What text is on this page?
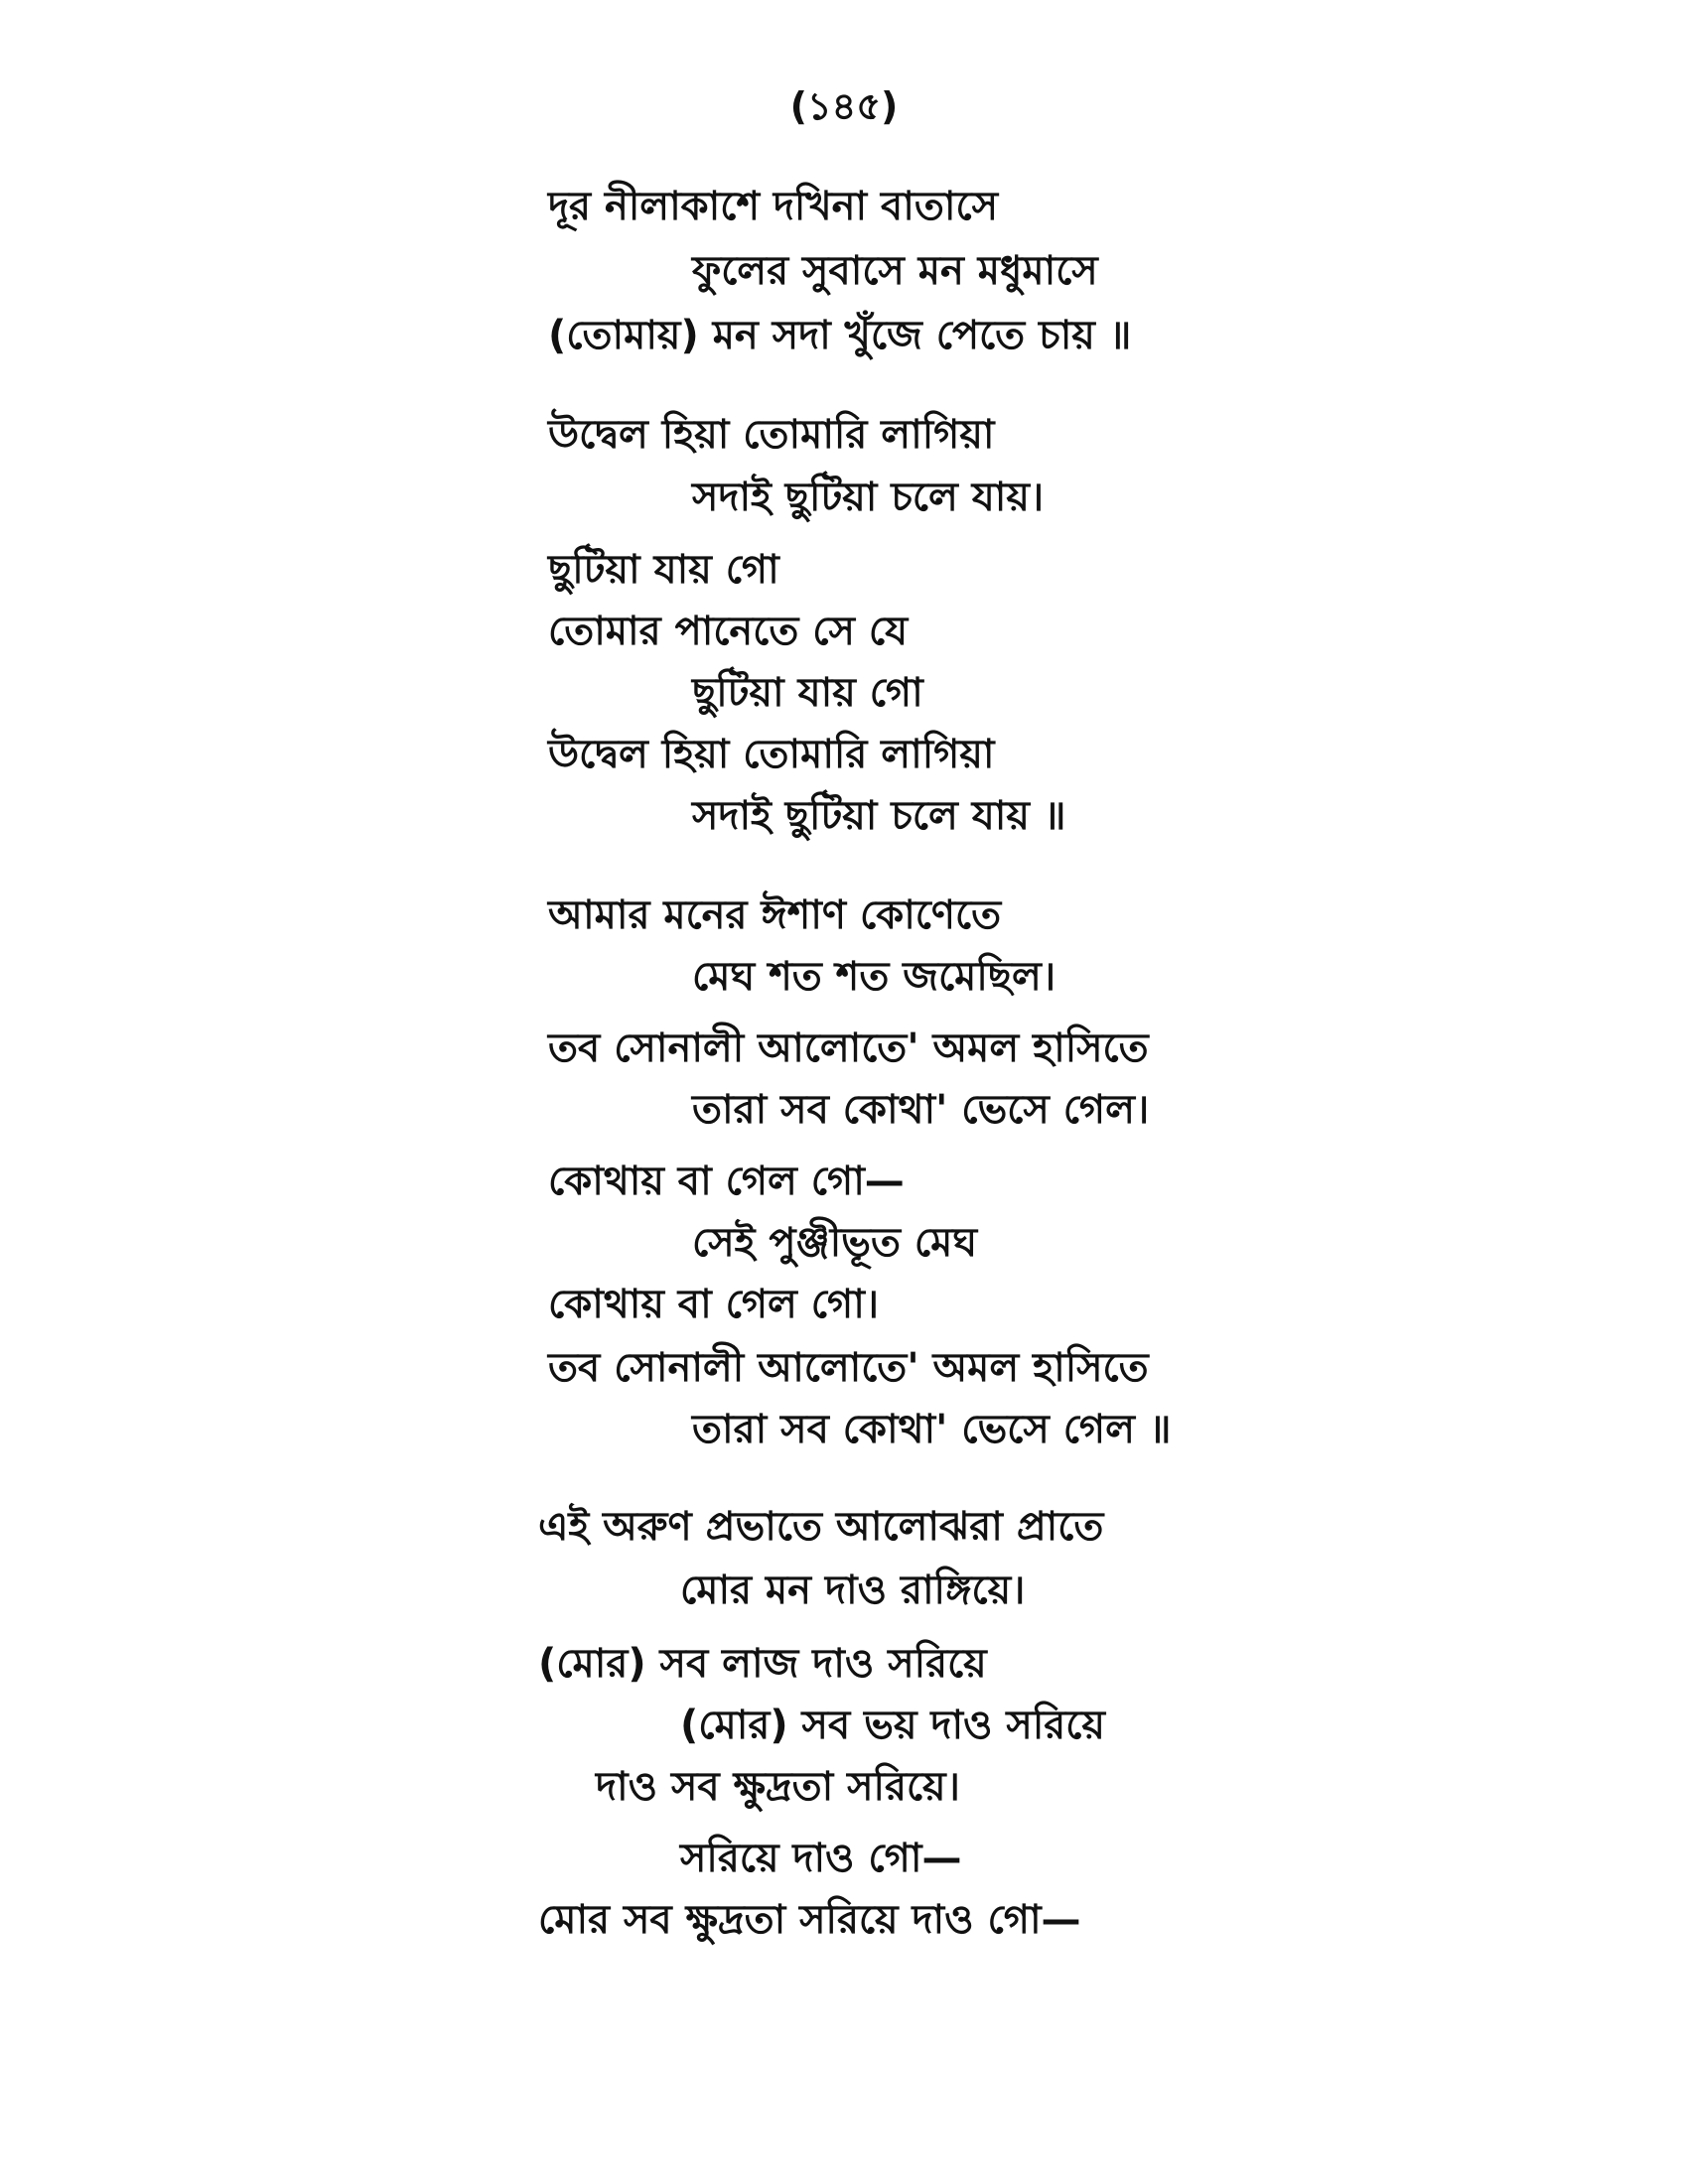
(১৪৫)
দূর নীলাকাশে দখিনা বাতাসে
ফুলের সুবাসে মন মধুমাসে
(তোমায়) মন সদা খুঁজে পেতে চায় ॥
উদ্বেল হিয়া তোমারি লাগিয়া
সদাই ছুটিয়া চলে যায়।
ছুটিয়া যায় গো
তোমার পানেতে সে যে
ছুটিয়া যায় গো
উদ্বেল হিয়া তোমারি লাগিয়া
সদাই ছুটিয়া চলে যায় ॥
আমার মনের ঈশাণ কোণেতে
মেঘ শত শত জমেছিল।
তব সোনালী আলোতে' অমল হাসিতে
তারা সব কোথা' ভেসে গেল।
কোথায় বা গেল গো—
সেই পুঞ্জীভূত মেঘ
কোথায় বা গেল গো।
তব সোনালী আলোতে' অমল হাসিতে
তারা সব কোথা' ভেসে গেল ॥
এই অরুণ প্রভাতে আলোঝরা প্রাতে
মোর মন দাও রাঙ্গিয়ে।
(মোর) সব লাজ দাও সরিয়ে
(মোর) সব ভয় দাও সরিয়ে
দাও সব ক্ষুদ্রতা সরিয়ে।
সরিয়ে দাও গো—
মোর সব ক্ষুদ্রতা সরিয়ে দাও গো—
